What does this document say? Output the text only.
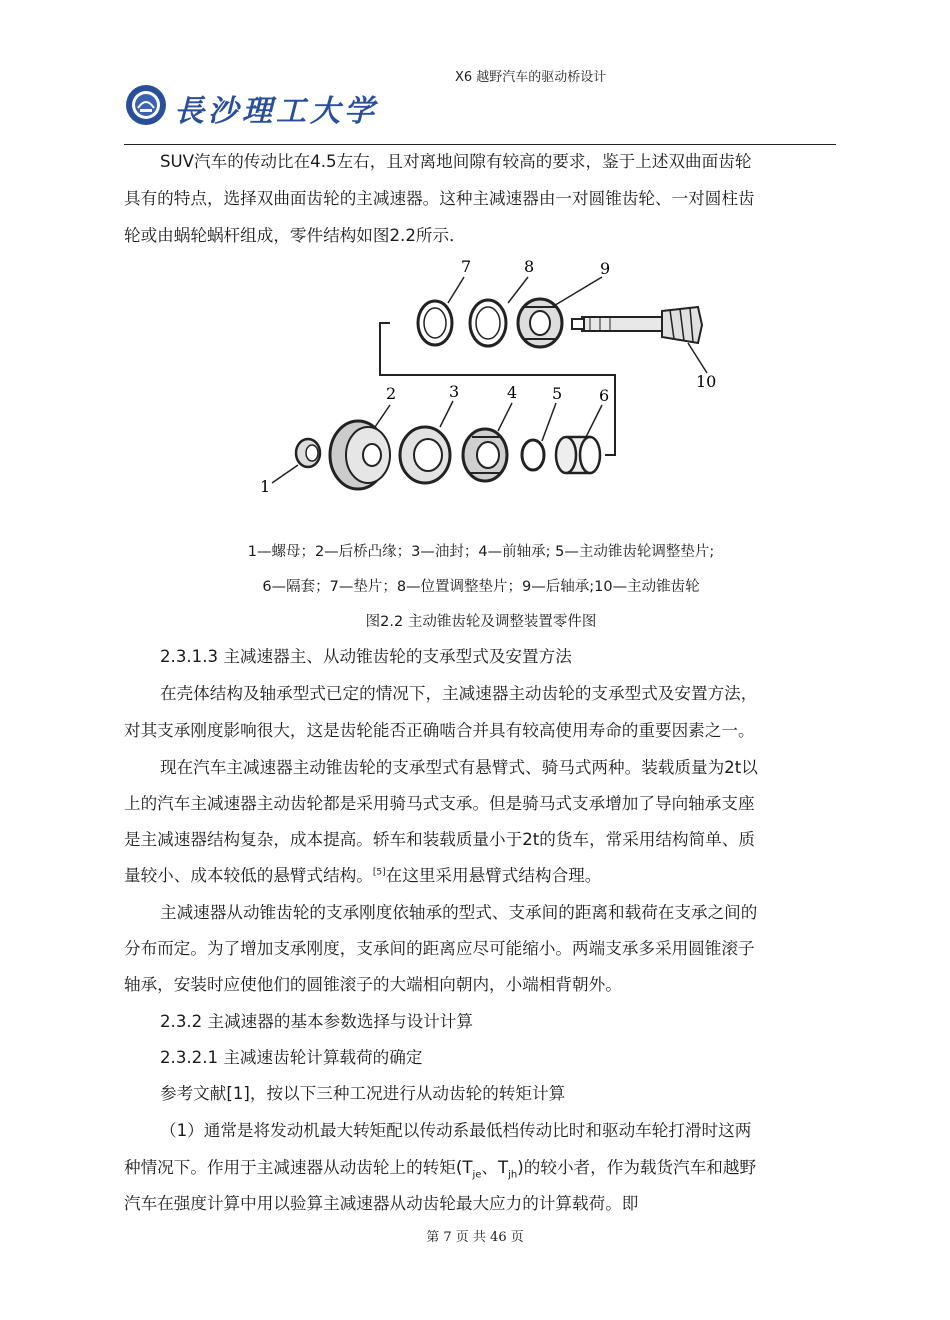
長沙理工大学
X6 越野汽车的驱动桥设计
SUV汽车的传动比在4.5左右，且对离地间隙有较高的要求，鉴于上述双曲面齿轮
具有的特点，选择双曲面齿轮的主减速器。这种主减速器由一对圆锥齿轮、一对圆柱齿
轮或由蜗轮蜗杆组成，零件结构如图2.2所示．
1
2	3	4 5 6
7	8	9
10
1—螺母；2—后桥凸缘；3—油封；4—前轴承; 5—主动锥齿轮调整垫片;
6—隔套；7—垫片；8—位置调整垫片；9—后轴承;10—主动锥齿轮
图2.2 主动锥齿轮及调整装置零件图
2.3.1.3 主减速器主、从动锥齿轮的支承型式及安置方法
在壳体结构及轴承型式已定的情况下，主减速器主动齿轮的支承型式及安置方法，
对其支承刚度影响很大，这是齿轮能否正确啮合并具有较高使用寿命的重要因素之一。
现在汽车主减速器主动锥齿轮的支承型式有悬臂式、骑马式两种。装载质量为2t以
上的汽车主减速器主动齿轮都是采用骑马式支承。但是骑马式支承增加了导向轴承支座
是主减速器结构复杂，成本提高。轿车和装载质量小于2t的货车，常采用结构简单、质
量较小、成本较低的悬臂式结构。[5]在这里采用悬臂式结构合理。
主减速器从动锥齿轮的支承刚度依轴承的型式、支承间的距离和载荷在支承之间的
分布而定。为了增加支承刚度，支承间的距离应尽可能缩小。两端支承多采用圆锥滚子
轴承，安装时应使他们的圆锥滚子的大端相向朝内，小端相背朝外。
2.3.2 主减速器的基本参数选择与设计计算
2.3.2.1 主减速齿轮计算载荷的确定
参考文献[1]，按以下三种工况进行从动齿轮的转矩计算
（1）通常是将发动机最大转矩配以传动系最低档传动比时和驱动车轮打滑时这两
种情况下。作用于主减速器从动齿轮上的转矩($T_{je}$、$T_{jh}$)的较小者，作为载货汽车和越野
汽车在强度计算中用以验算主减速器从动齿轮最大应力的计算载荷。即
第 7 页 共 46 页
